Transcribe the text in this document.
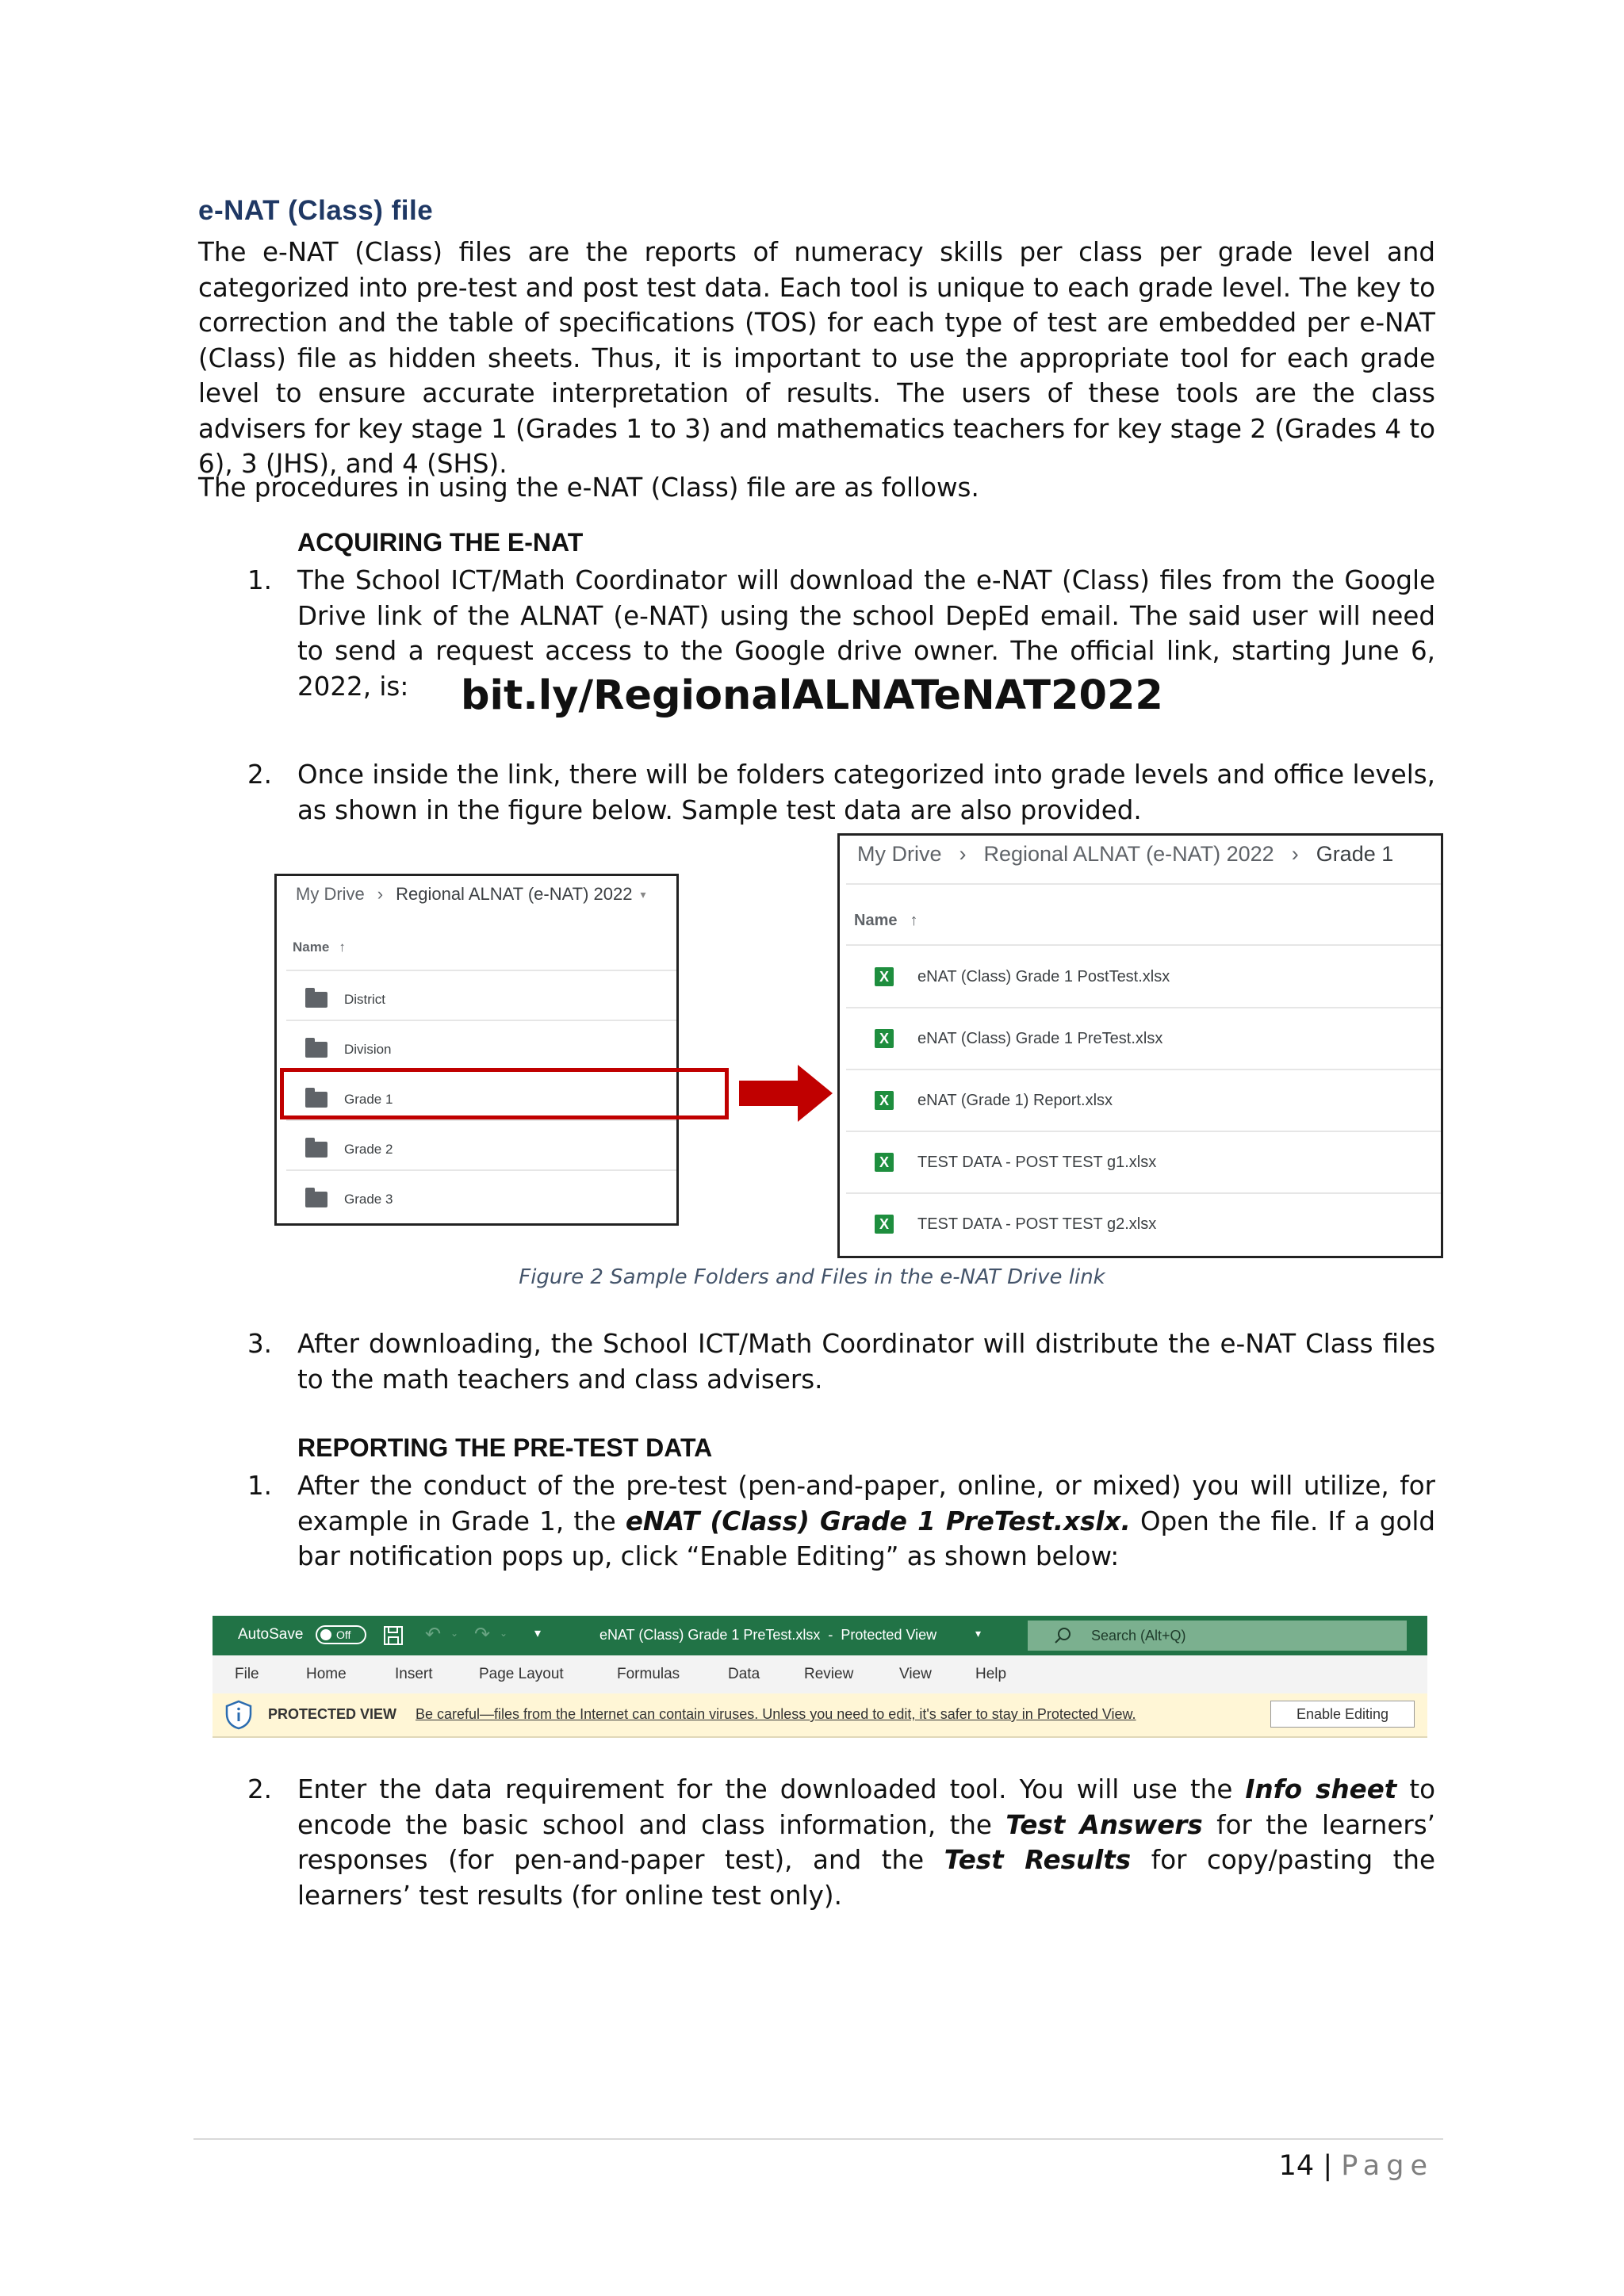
e-NAT (Class) file
The e-NAT (Class) files are the reports of numeracy skills per class per grade level and categorized into pre-test and post test data. Each tool is unique to each grade level. The key to correction and the table of specifications (TOS) for each type of test are embedded per e-NAT (Class) file as hidden sheets. Thus, it is important to use the appropriate tool for each grade level to ensure accurate interpretation of results. The users of these tools are the class advisers for key stage 1 (Grades 1 to 3) and mathematics teachers for key stage 2 (Grades 4 to 6), 3 (JHS), and 4 (SHS).
The procedures in using the e-NAT (Class) file are as follows.
ACQUIRING THE E-NAT
1. The School ICT/Math Coordinator will download the e-NAT (Class) files from the Google Drive link of the ALNAT (e-NAT) using the school DepEd email. The said user will need to send a request access to the Google drive owner. The official link, starting June 6, 2022, is:	bit.ly/RegionalALNATeNAT2022
2. Once inside the link, there will be folders categorized into grade levels and office levels, as shown in the figure below. Sample test data are also provided.
My Drive › Regional ALNAT (e-NAT) 2022 ▾
Name ↑
District
Division
Grade 1
Grade 2
Grade 3
My Drive › Regional ALNAT (e-NAT) 2022 › Grade 1
Name ↑
X	eNAT (Class) Grade 1 PostTest.xlsx
X	eNAT (Class) Grade 1 PreTest.xlsx
X	eNAT (Grade 1) Report.xlsx
X	TEST DATA - POST TEST g1.xlsx
X	TEST DATA - POST TEST g2.xlsx
Figure 2 Sample Folders and Files in the e-NAT Drive link
3. After downloading, the School ICT/Math Coordinator will distribute the e-NAT Class files to the math teachers and class advisers.
REPORTING THE PRE-TEST DATA
1. After the conduct of the pre-test (pen-and-paper, online, or mixed) you will utilize, for example in Grade 1, the eNAT (Class) Grade 1 PreTest.xslx. Open the file. If a gold bar notification pops up, click “Enable Editing” as shown below:
AutoSave	Off	↶ ⌄ ↷ ⌄ ▾	eNAT (Class) Grade 1 PreTest.xlsx  -  Protected View	▾	Search (Alt+Q)
File	Home	Insert	Page Layout	Formulas	Data	Review	View	Help
PROTECTED VIEW Be careful—files from the Internet can contain viruses. Unless you need to edit, it's safer to stay in Protected View.	Enable Editing
2. Enter the data requirement for the downloaded tool. You will use the Info sheet to encode the basic school and class information, the Test Answers for the learners’ responses (for pen-and-paper test), and the Test Results for copy/pasting the learners’ test results (for online test only).
14 | Page
